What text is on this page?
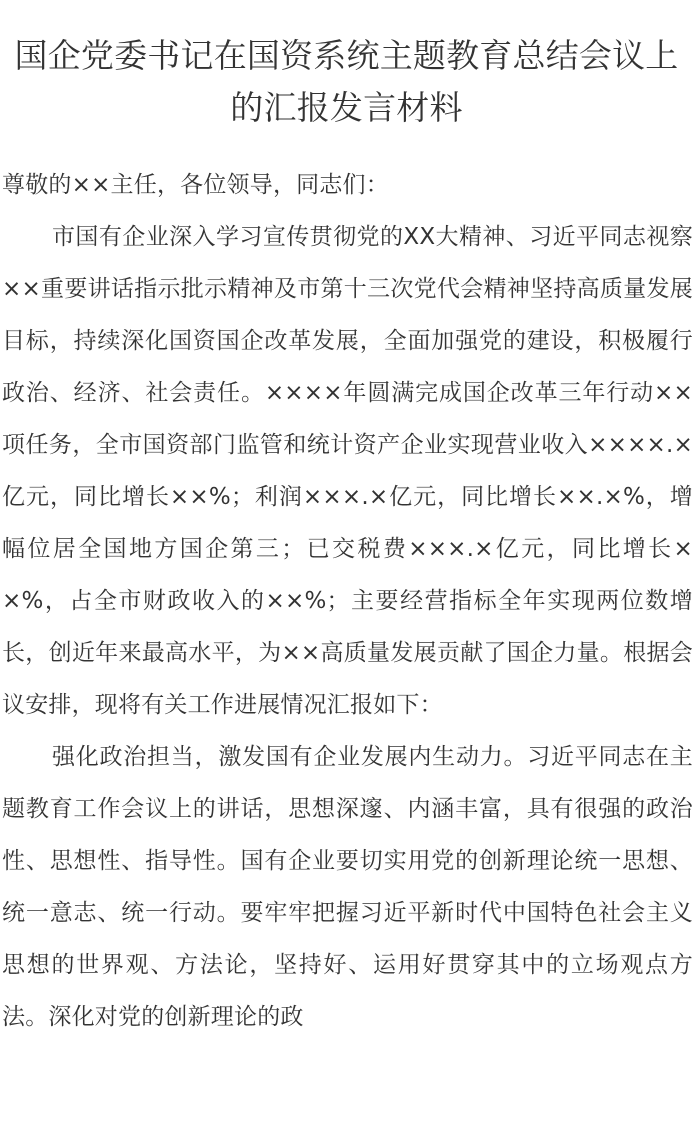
国企党委书记在国资系统主题教育总结会议上的汇报发言材料

尊敬的××主任，各位领导，同志们：

市国有企业深入学习宣传贯彻党的XX大精神、习近平同志视察××重要讲话指示批示精神及市第十三次党代会精神坚持高质量发展目标，持续深化国资国企改革发展，全面加强党的建设，积极履行政治、经济、社会责任。××××年圆满完成国企改革三年行动××项任务，全市国资部门监管和统计资产企业实现营业收入××××.×亿元，同比增长××%；利润×××.×亿元，同比增长××.×%，增幅位居全国地方国企第三；已交税费×××.×亿元，同比增长××%，占全市财政收入的××%；主要经营指标全年实现两位数增长，创近年来最高水平，为××高质量发展贡献了国企力量。根据会议安排，现将有关工作进展情况汇报如下：

强化政治担当，激发国有企业发展内生动力。习近平同志在主题教育工作会议上的讲话，思想深邃、内涵丰富，具有很强的政治性、思想性、指导性。国有企业要切实用党的创新理论统一思想、统一意志、统一行动。要牢牢把握习近平新时代中国特色社会主义思想的世界观、方法论，坚持好、运用好贯穿其中的立场观点方法。深化对党的创新理论的政
